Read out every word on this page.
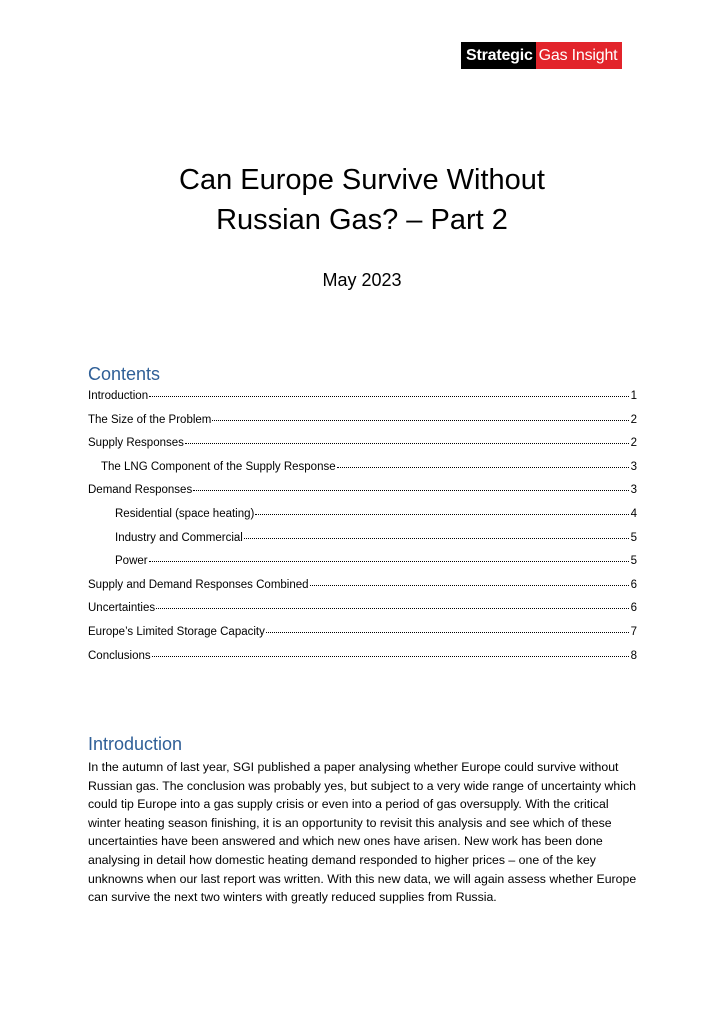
Strategic Gas Insight
Can Europe Survive Without
Russian Gas? – Part 2

May 2023

Contents
Introduction	1
The Size of the Problem	2
Supply Responses	2
The LNG Component of the Supply Response	3
Demand Responses	3
Residential (space heating)	4
Industry and Commercial	5
Power	5
Supply and Demand Responses Combined	6
Uncertainties	6
Europe’s Limited Storage Capacity	7
Conclusions	8
Introduction

In the autumn of last year, SGI published a paper analysing whether Europe could survive without Russian gas. The conclusion was probably yes, but subject to a very wide range of uncertainty which could tip Europe into a gas supply crisis or even into a period of gas oversupply. With the critical winter heating season finishing, it is an opportunity to revisit this analysis and see which of these uncertainties have been answered and which new ones have arisen. New work has been done analysing in detail how domestic heating demand responded to higher prices – one of the key unknowns when our last report was written. With this new data, we will again assess whether Europe can survive the next two winters with greatly reduced supplies from Russia.
